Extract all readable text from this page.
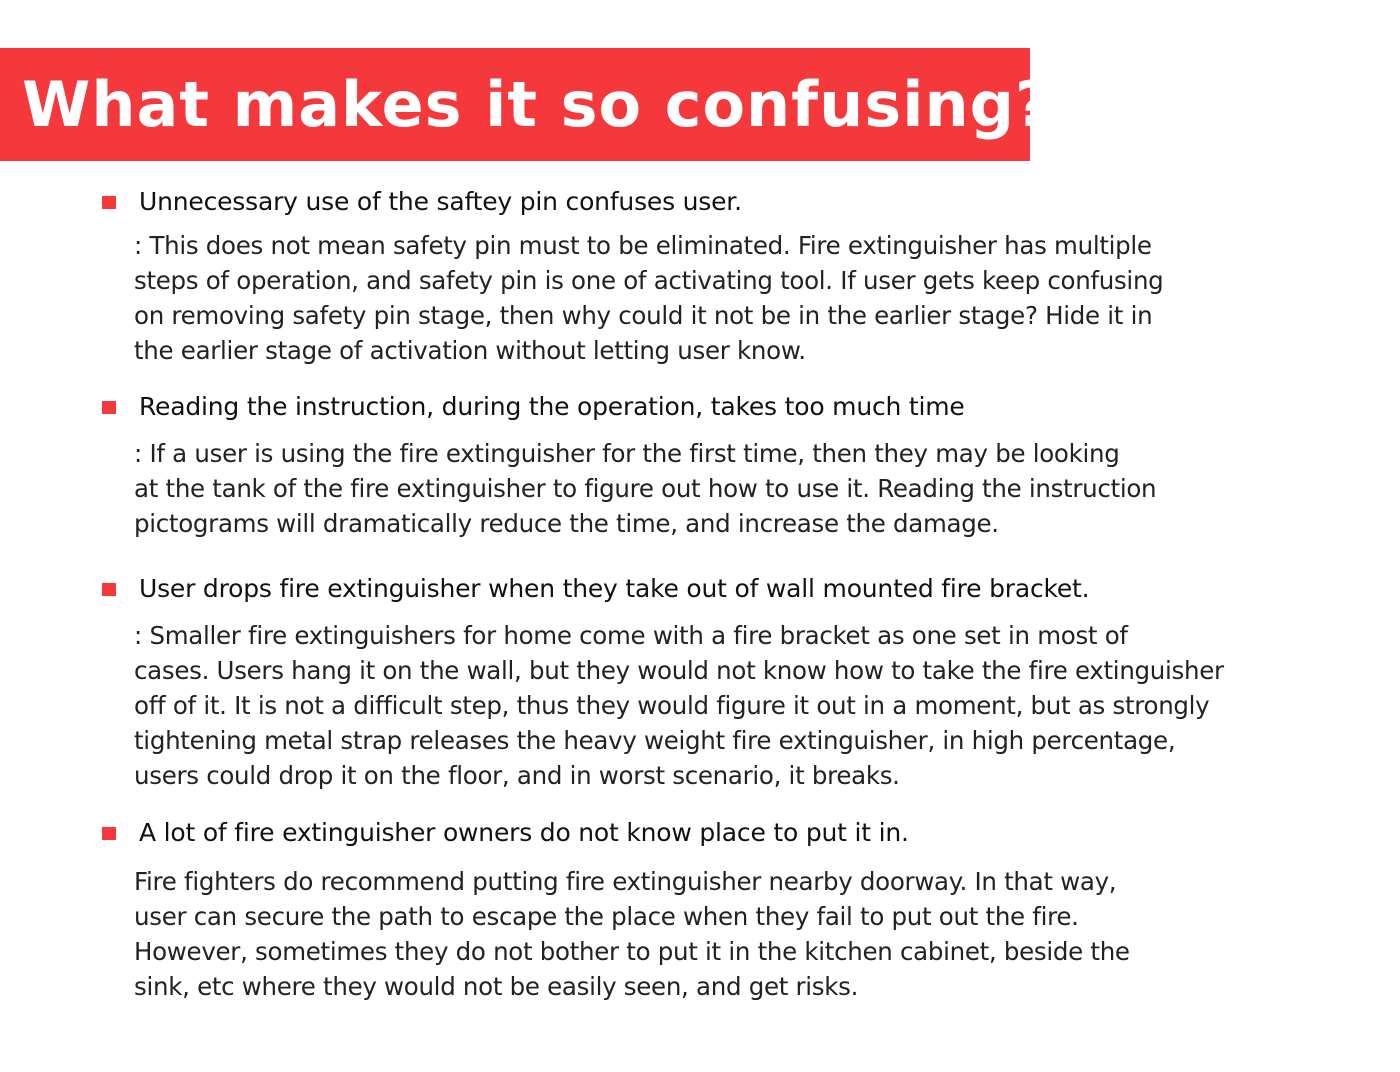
What makes it so confusing?
Unnecessary use of the saftey pin confuses user.
: This does not mean safety pin must to be eliminated. Fire extinguisher has multiple
steps of operation, and safety pin is one of activating tool. If user gets keep confusing
on removing safety pin stage, then why could it not be in the earlier stage? Hide it in
the earlier stage of activation without letting user know.
Reading the instruction, during the operation, takes too much time
: If a user is using the fire extinguisher for the first time, then they may be looking
at the tank of the fire extinguisher to figure out how to use it. Reading the instruction
pictograms will dramatically reduce the time, and increase the damage.
User drops fire extinguisher when they take out of wall mounted fire bracket.
: Smaller fire extinguishers for home come with a fire bracket as one set in most of
cases. Users hang it on the wall, but they would not know how to take the fire extinguisher
off of it. It is not a difficult step, thus they would figure it out in a moment, but as strongly
tightening metal strap releases the heavy weight fire extinguisher, in high percentage,
users could drop it on the floor, and in worst scenario, it breaks.
A lot of fire extinguisher owners do not know place to put it in.
Fire fighters do recommend putting fire extinguisher nearby doorway. In that way,
user can secure the path to escape the place when they fail to put out the fire.
However, sometimes they do not bother to put it in the kitchen cabinet, beside the
sink, etc where they would not be easily seen, and get risks.
